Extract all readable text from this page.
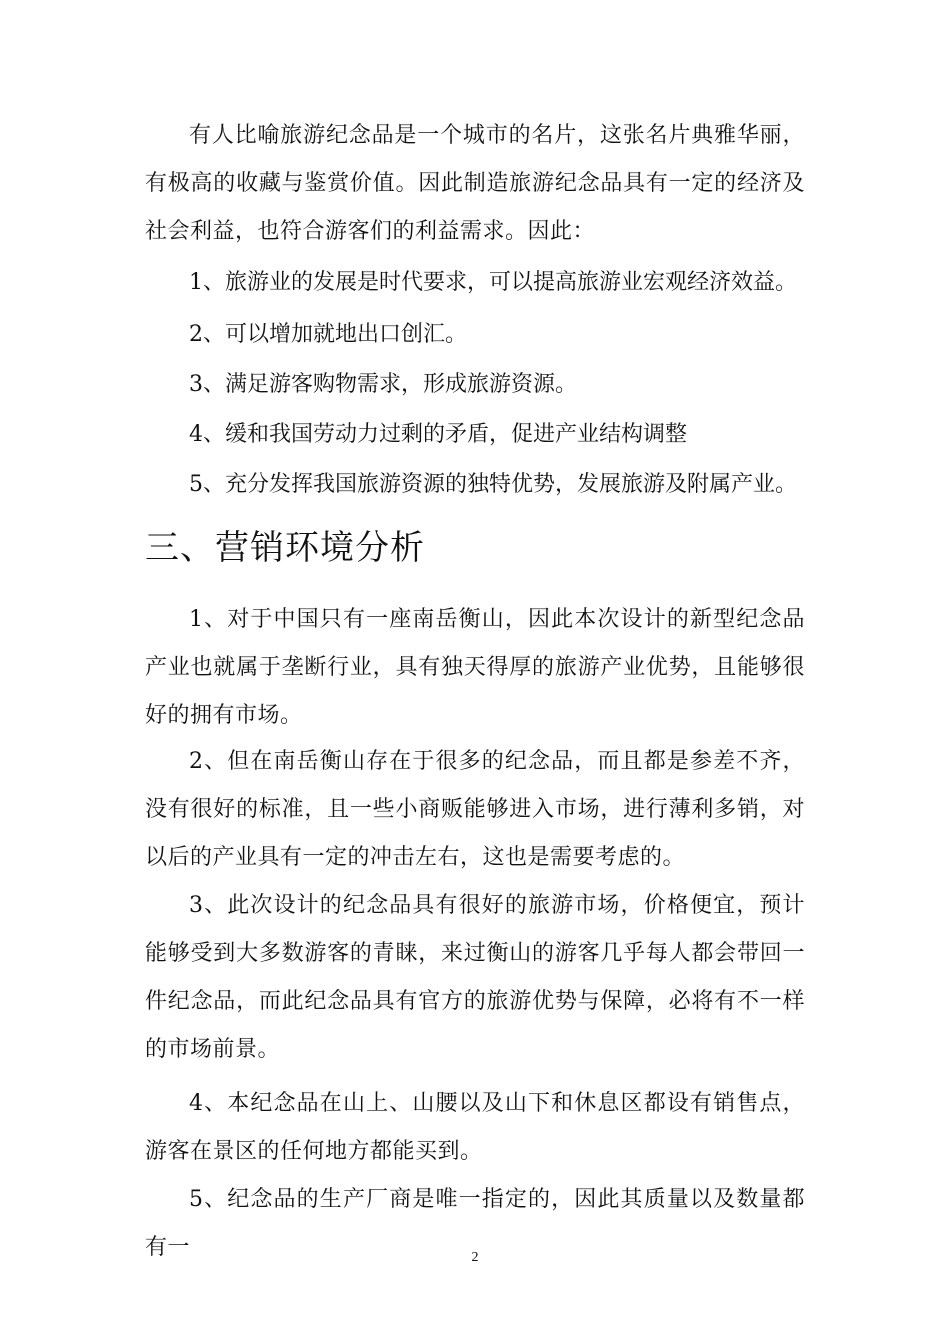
有人比喻旅游纪念品是一个城市的名片，这张名片典雅华丽，有极高的收藏与鉴赏价值。因此制造旅游纪念品具有一定的经济及社会利益，也符合游客们的利益需求。因此：

1、旅游业的发展是时代要求，可以提高旅游业宏观经济效益。

2、可以增加就地出口创汇。

3、满足游客购物需求，形成旅游资源。

4、缓和我国劳动力过剩的矛盾，促进产业结构调整

5、充分发挥我国旅游资源的独特优势，发展旅游及附属产业。

三、营销环境分析

1、对于中国只有一座南岳衡山，因此本次设计的新型纪念品产业也就属于垄断行业，具有独天得厚的旅游产业优势，且能够很好的拥有市场。

2、但在南岳衡山存在于很多的纪念品，而且都是参差不齐，没有很好的标准，且一些小商贩能够进入市场，进行薄利多销，对以后的产业具有一定的冲击左右，这也是需要考虑的。

3、此次设计的纪念品具有很好的旅游市场，价格便宜，预计能够受到大多数游客的青睐，来过衡山的游客几乎每人都会带回一件纪念品，而此纪念品具有官方的旅游优势与保障，必将有不一样的市场前景。

4、本纪念品在山上、山腰以及山下和休息区都设有销售点，游客在景区的任何地方都能买到。

5、纪念品的生产厂商是唯一指定的，因此其质量以及数量都有一	2
